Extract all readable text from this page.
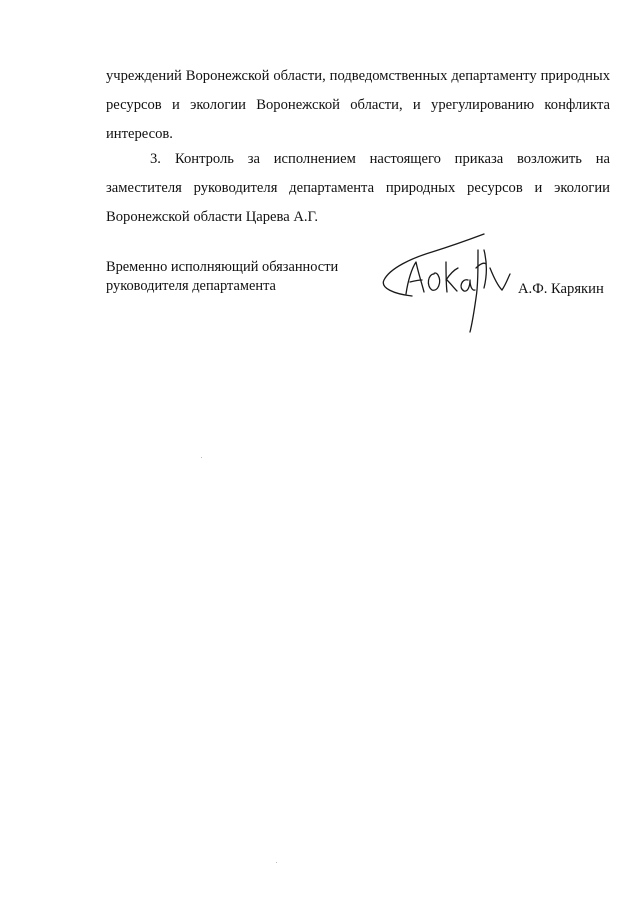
учреждений Воронежской области, подведомственных департаменту природных ресурсов и экологии Воронежской области, и урегулированию конфликта интересов.

3. Контроль за исполнением настоящего приказа возложить на заместителя руководителя департамента природных ресурсов и экологии Воронежской области Царева А.Г.

Временно исполняющий обязанности
руководителя департамента	А.Ф. Карякин
